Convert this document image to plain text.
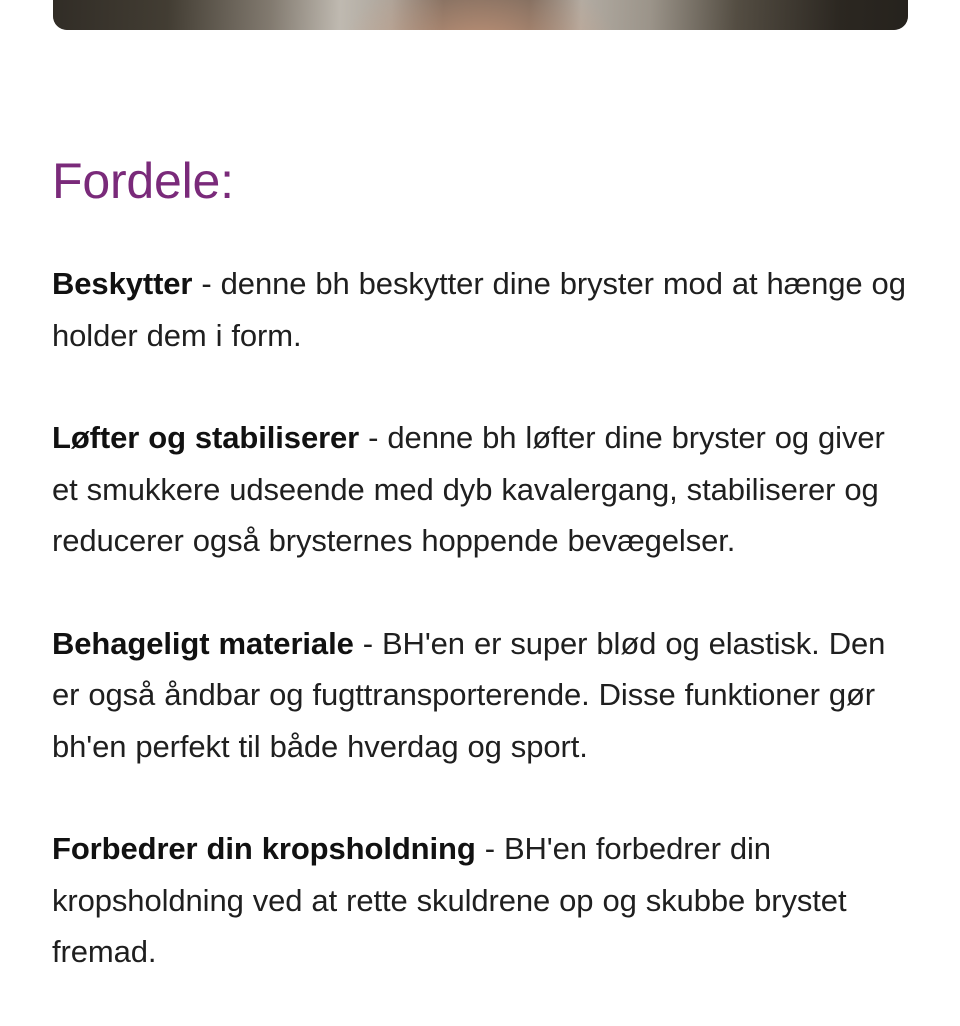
Fordele:

Beskytter - denne bh beskytter dine bryster mod at hænge og holder dem i form.

Løfter og stabiliserer - denne bh løfter dine bryster og giver et smukkere udseende med dyb kavalergang, stabiliserer og reducerer også brysternes hoppende bevægelser.

Behageligt materiale - BH'en er super blød og elastisk. Den er også åndbar og fugttransporterende. Disse funktioner gør bh'en perfekt til både hverdag og sport.

Forbedrer din kropsholdning - BH'en forbedrer din kropsholdning ved at rette skuldrene op og skubbe brystet fremad.
